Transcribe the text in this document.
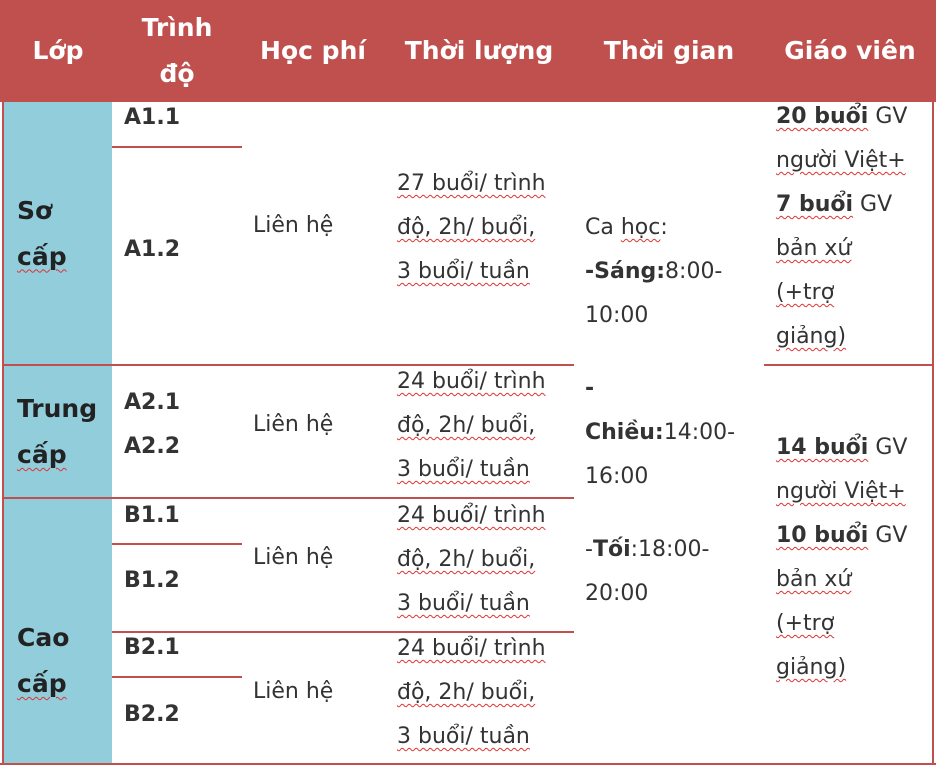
Lớp
Trình
độ
Học phí Thời lượng Thời gian Giáo viên
Sơ
cấp
Trung
cấp
Cao
cấp
A1.1
A1.2
A2.1
A2.2
B1.1
B1.2
B2.1
B2.2
Liên hệ
Liên hệ
Liên hệ
Liên hệ
27 buổi/ trình
độ, 2h/ buổi,
3 buổi/ tuần
24 buổi/ trình
độ, 2h/ buổi,
3 buổi/ tuần
24 buổi/ trình
độ, 2h/ buổi,
3 buổi/ tuần
24 buổi/ trình
độ, 2h/ buổi,
3 buổi/ tuần
Ca học:
-Sáng:8:00-
10:00
-
Chiều:14:00-
16:00
-Tối:18:00-
20:00
20 buổi GV
người Việt+
7 buổi GV
bản xứ
(+trợ
giảng)
14 buổi GV
người Việt+
10 buổi GV
bản xứ
(+trợ
giảng)
